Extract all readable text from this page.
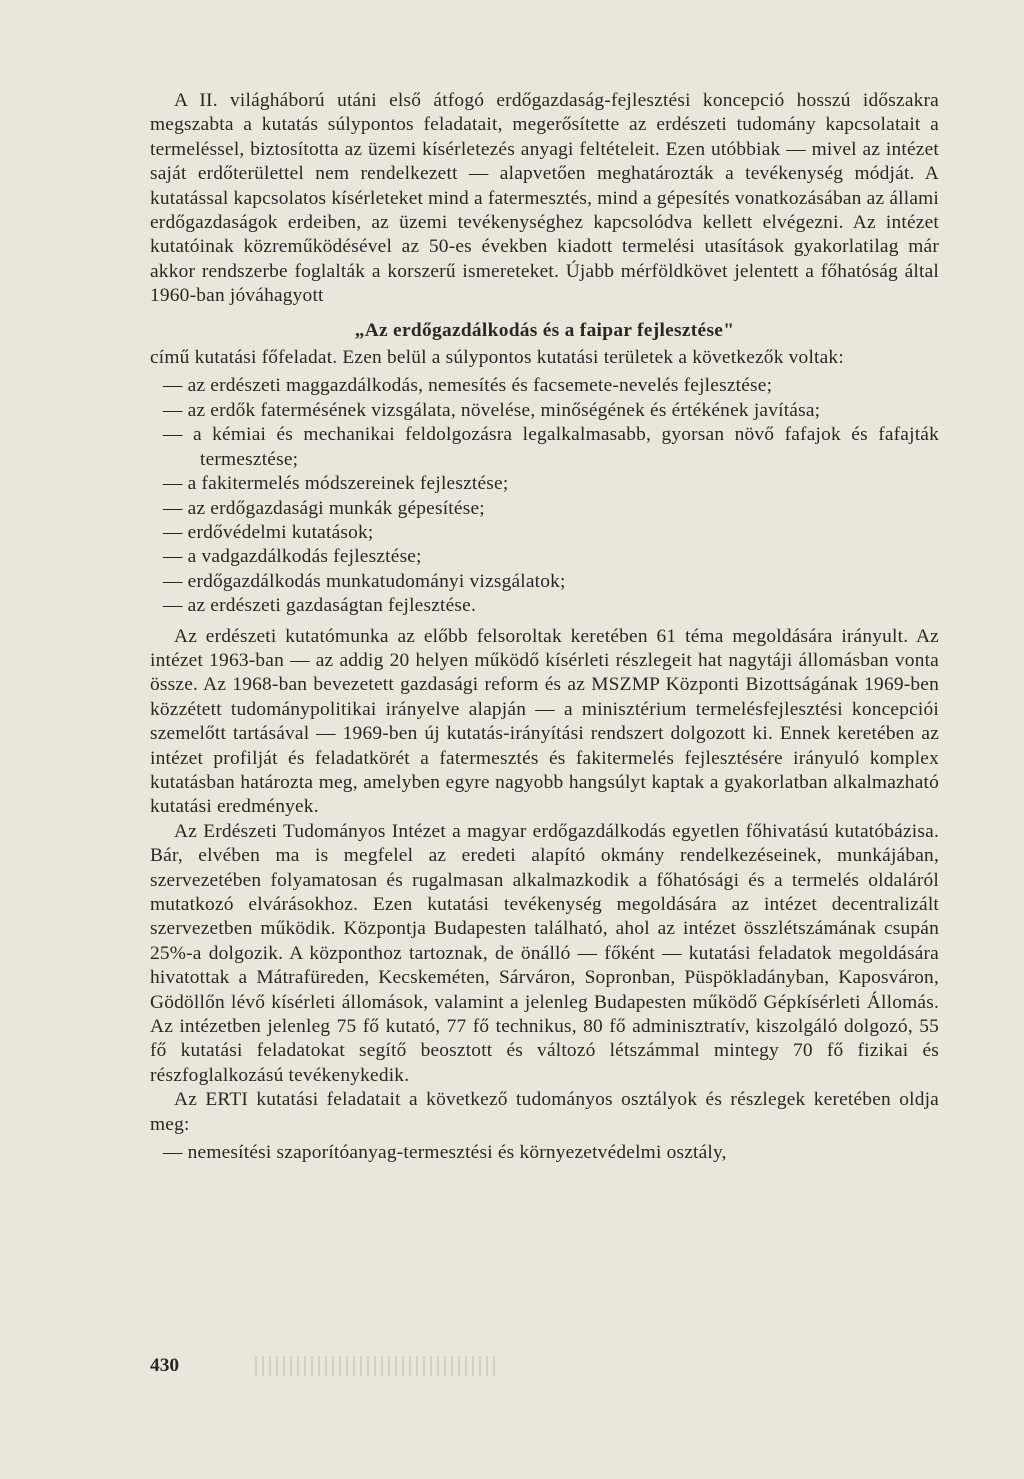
A II. világháború utáni első átfogó erdőgazdaság-fejlesztési koncepció hosszú időszakra megszabta a kutatás súlypontos feladatait, megerősítette az erdészeti tudomány kapcsolatait a termeléssel, biztosította az üzemi kísérletezés anyagi feltételeit. Ezen utóbbiak — mivel az intézet saját erdőterülettel nem rendelkezett — alapvetően meghatározták a tevékenység módját. A kutatással kapcsolatos kísérleteket mind a fatermesztés, mind a gépesítés vonatkozásában az állami erdőgazdaságok erdeiben, az üzemi tevékenységhez kapcsolódva kellett elvégezni. Az intézet kutatóinak közreműködésével az 50-es években kiadott termelési utasítások gyakorlatilag már akkor rendszerbe foglalták a korszerű ismereteket. Újabb mérföldkövet jelentett a főhatóság által 1960-ban jóváhagyott

„Az erdőgazdálkodás és a faipar fejlesztése"

című kutatási főfeladat. Ezen belül a súlypontos kutatási területek a következők voltak:

— az erdészeti maggazdálkodás, nemesítés és facsemete-nevelés fejlesztése;
— az erdők fatermésének vizsgálata, növelése, minőségének és értékének javítása;
— a kémiai és mechanikai feldolgozásra legalkalmasabb, gyorsan növő fafajok és fafajták termesztése;
— a fakitermelés módszereinek fejlesztése;
— az erdőgazdasági munkák gépesítése;
— erdővédelmi kutatások;
— a vadgazdálkodás fejlesztése;
— erdőgazdálkodás munkatudományi vizsgálatok;
— az erdészeti gazdaságtan fejlesztése.

Az erdészeti kutatómunka az előbb felsoroltak keretében 61 téma megoldására irányult. Az intézet 1963-ban — az addig 20 helyen működő kísérleti részlegeit hat nagytáji állomásban vonta össze. Az 1968-ban bevezetett gazdasági reform és az MSZMP Központi Bizottságának 1969-ben közzétett tudománypolitikai irányelve alapján — a minisztérium termelésfejlesztési koncepciói szemelőtt tartásával — 1969-ben új kutatás-irányítási rendszert dolgozott ki. Ennek keretében az intézet profilját és feladatkörét a fatermesztés és fakitermelés fejlesztésére irányuló komplex kutatásban határozta meg, amelyben egyre nagyobb hangsúlyt kaptak a gyakorlatban alkalmazható kutatási eredmények.

Az Erdészeti Tudományos Intézet a magyar erdőgazdálkodás egyetlen főhivatású kutatóbázisa. Bár, elvében ma is megfelel az eredeti alapító okmány rendelkezéseinek, munkájában, szervezetében folyamatosan és rugalmasan alkalmazkodik a főhatósági és a termelés oldaláról mutatkozó elvárásokhoz. Ezen kutatási tevékenység megoldására az intézet decentralizált szervezetben működik. Központja Budapesten található, ahol az intézet összlétszámának csupán 25%-a dolgozik. A központhoz tartoznak, de önálló — főként — kutatási feladatok megoldására hivatottak a Mátrafüreden, Kecskeméten, Sárváron, Sopronban, Püspökladányban, Kaposváron, Gödöllőn lévő kísérleti állomások, valamint a jelenleg Budapesten működő Gépkísérleti Állomás. Az intézetben jelenleg 75 fő kutató, 77 fő technikus, 80 fő adminisztratív, kiszolgáló dolgozó, 55 fő kutatási feladatokat segítő beosztott és változó létszámmal mintegy 70 fő fizikai és részfoglalkozású tevékenykedik.

Az ERTI kutatási feladatait a következő tudományos osztályok és részlegek keretében oldja meg:

— nemesítési szaporítóanyag-termesztési és környezetvédelmi osztály,
430
